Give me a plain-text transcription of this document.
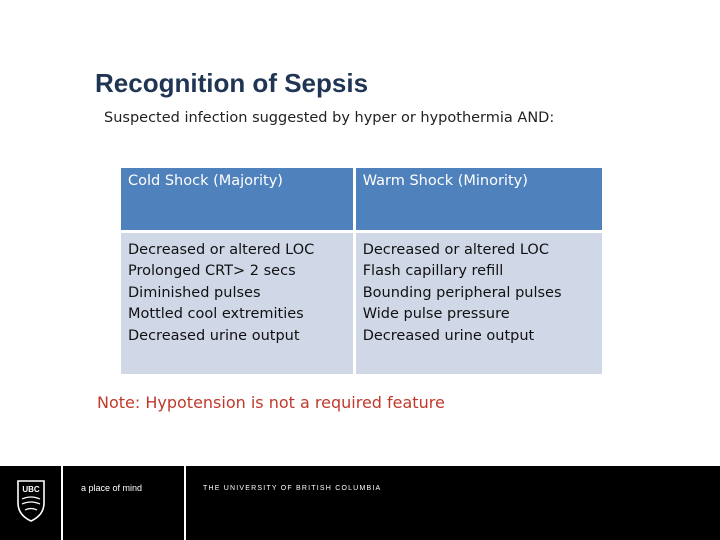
Recognition of Sepsis

Suspected infection suggested by hyper or hypothermia AND:

Cold Shock (Majority)	Warm Shock (Minority)

Decreased or altered LOC
Prolonged CRT> 2 secs
Diminished pulses
Mottled cool extremities
Decreased urine output	Decreased or altered LOC
Flash capillary refill
Bounding peripheral pulses
Wide pulse pressure
Decreased urine output

Note: Hypotension is not a required feature

UBC	a place of mind	THE UNIVERSITY OF BRITISH COLUMBIA
